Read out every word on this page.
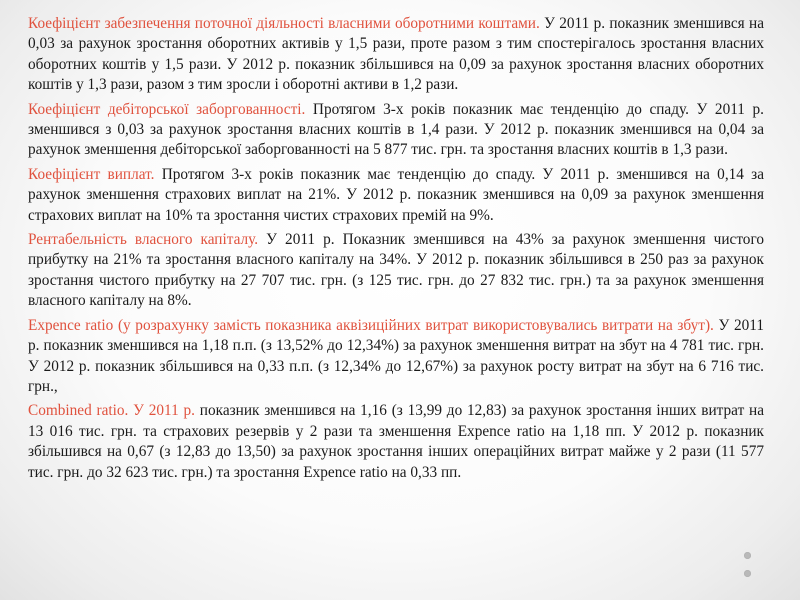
Коефіцієнт забезпечення поточної діяльності власними оборотними коштами. У 2011 р. показник зменшився на 0,03 за рахунок зростання оборотних активів у 1,5 рази, проте разом з тим спостерігалось зростання власних оборотних коштів у 1,5 рази. У 2012 р. показник збільшився на 0,09 за рахунок зростання власних оборотних коштів у 1,3 рази, разом з тим зросли і оборотні активи в 1,2 рази.

Коефіцієнт дебіторської заборгованності. Протягом 3-х років показник має тенденцію до спаду. У 2011 р. зменшився з 0,03 за рахунок зростання власних коштів в 1,4 рази. У 2012 р. показник зменшився на 0,04 за рахунок зменшення дебіторської заборгованності на 5 877 тис. грн. та зростання власних коштів в 1,3 рази.

Коефіцієнт виплат. Протягом 3-х років показник має тенденцію до спаду. У 2011 р. зменшився на 0,14 за рахунок зменшення страхових виплат на 21%. У 2012 р. показник зменшився на 0,09 за рахунок зменшення страхових виплат на 10% та зростання чистих страхових премій на 9%.

Рентабельність власного капіталу. У 2011 р. Показник зменшився на 43% за рахунок зменшення чистого прибутку на 21% та зростання власного капіталу на 34%. У 2012 р. показник збільшився в 250 раз за рахунок зростання чистого прибутку на 27 707 тис. грн. (з 125 тис. грн. до 27 832 тис. грн.) та за рахунок зменшення власного капіталу на 8%.

Expence ratio (у розрахунку замість показника аквізиційних витрат використовувались витрати на збут). У 2011 р. показник зменшився на 1,18 п.п. (з 13,52% до 12,34%) за рахунок зменшення витрат на збут на 4 781 тис. грн. У 2012 р. показник збільшився на 0,33 п.п. (з 12,34% до 12,67%) за рахунок росту витрат на збут на 6 716 тис. грн.,

Combined ratio. У 2011 р. показник зменшився на 1,16 (з 13,99 до 12,83) за рахунок зростання інших витрат на 13 016 тис. грн. та страхових резервів у 2 рази та зменшення Expence ratio на 1,18 пп. У 2012 р. показник збільшився на 0,67 (з 12,83 до 13,50) за рахунок зростання інших операційних витрат майже у 2 рази (11 577 тис. грн. до 32 623 тис. грн.) та зростання Expence ratio на 0,33 пп.
